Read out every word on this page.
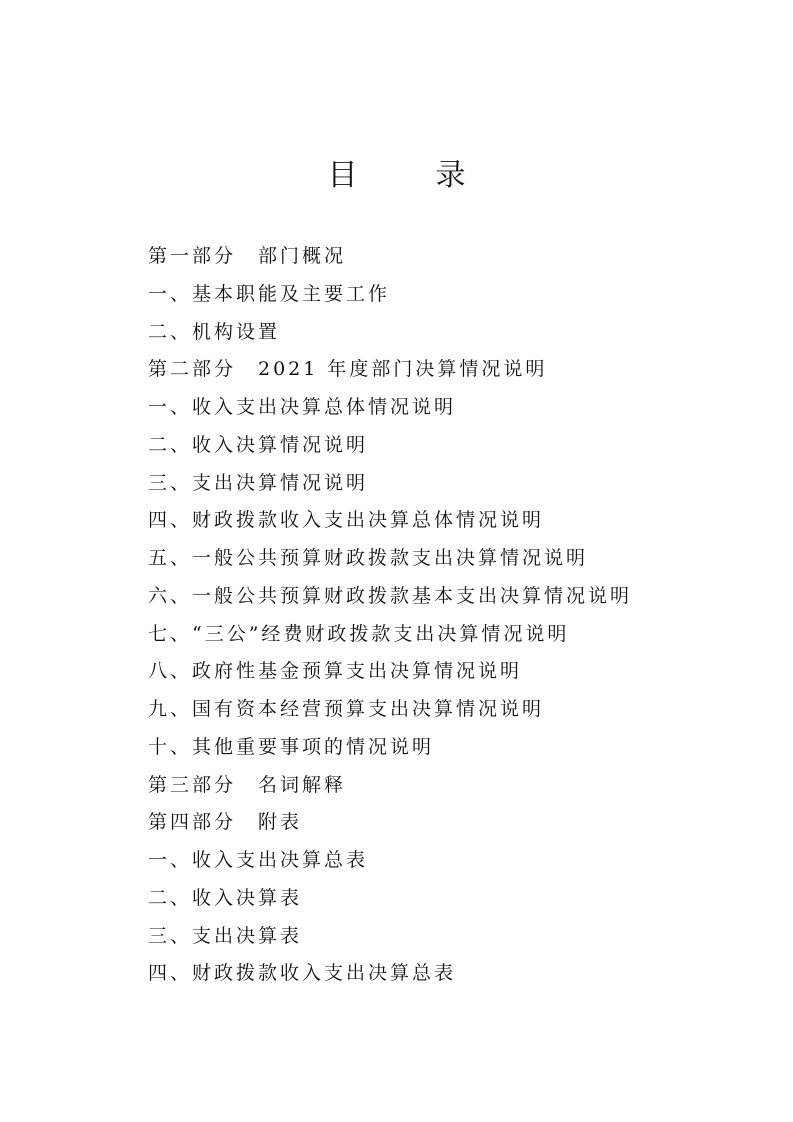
目　录
第一部分　部门概况
一、基本职能及主要工作
二、机构设置
第二部分　2021 年度部门决算情况说明
一、收入支出决算总体情况说明
二、收入决算情况说明
三、支出决算情况说明
四、财政拨款收入支出决算总体情况说明
五、一般公共预算财政拨款支出决算情况说明
六、一般公共预算财政拨款基本支出决算情况说明
七、“三公”经费财政拨款支出决算情况说明
八、政府性基金预算支出决算情况说明
九、国有资本经营预算支出决算情况说明
十、其他重要事项的情况说明
第三部分　名词解释
第四部分　附表
一、收入支出决算总表
二、收入决算表
三、支出决算表
四、财政拨款收入支出决算总表
